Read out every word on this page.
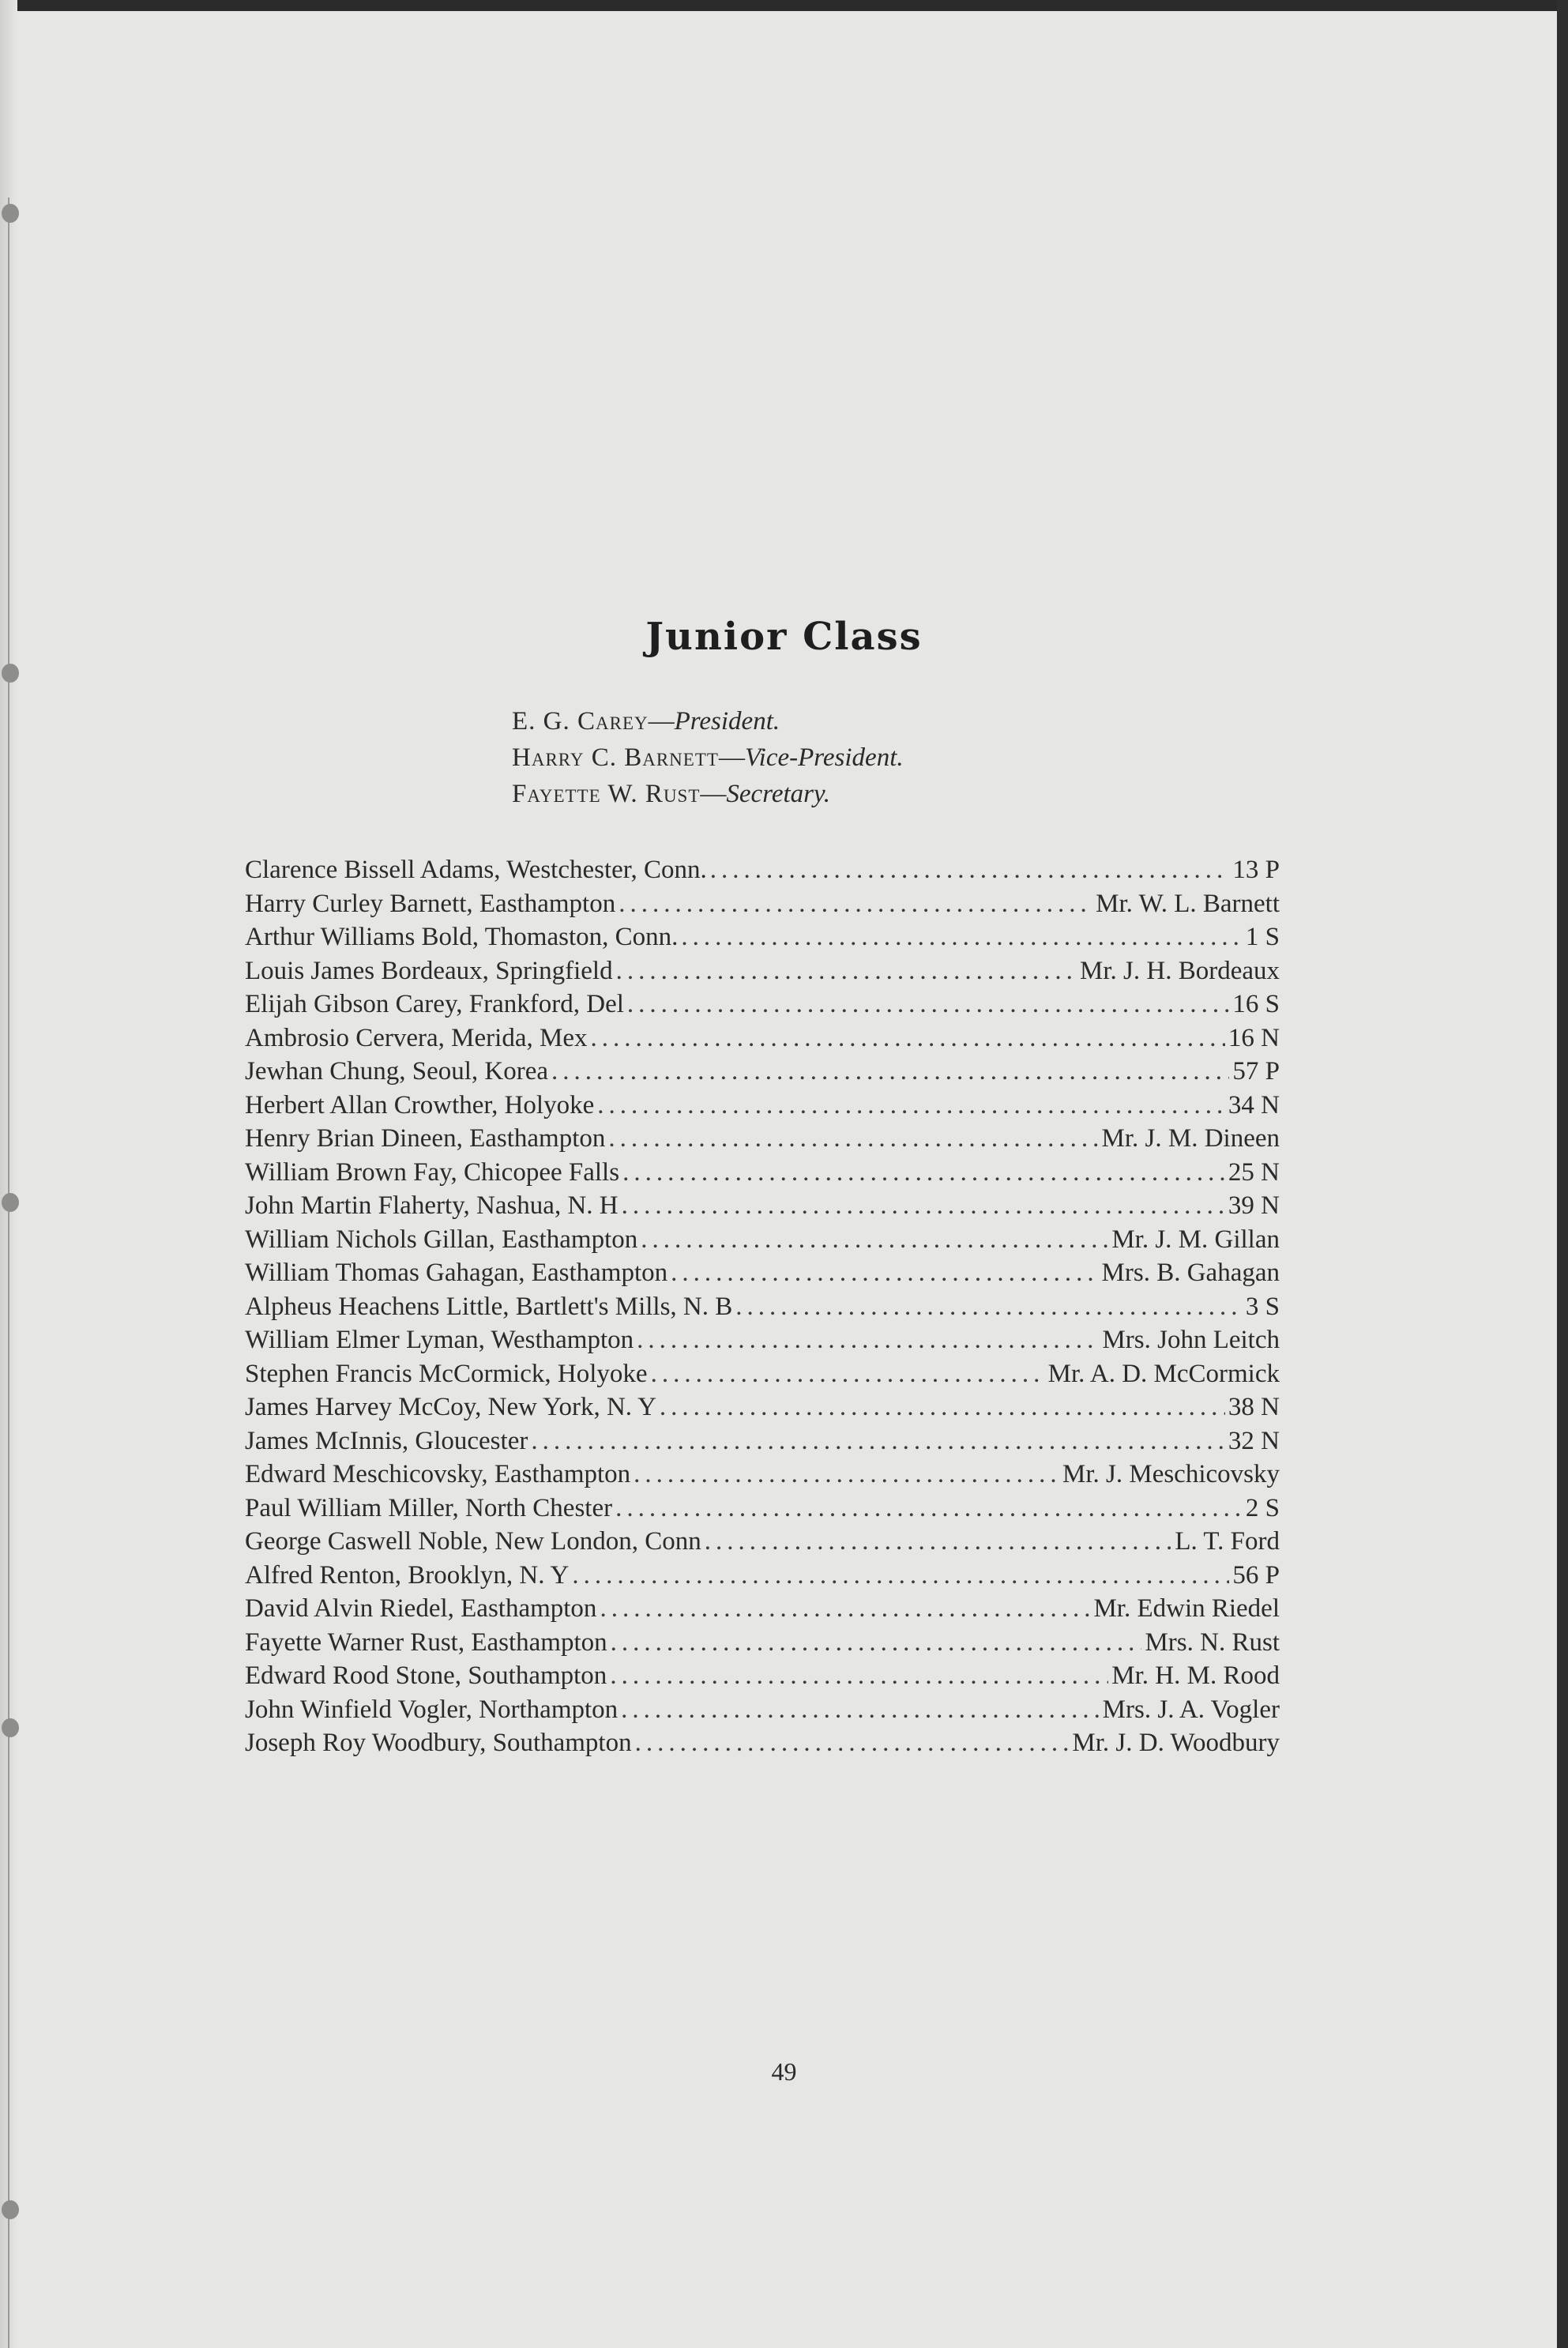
Junior Class
E. G. Carey—President.
Harry C. Barnett—Vice-President.
Fayette W. Rust—Secretary.
Clarence Bissell Adams, Westchester, Conn. .....	13 P
Harry Curley Barnett, Easthampton .....	Mr. W. L. Barnett
Arthur Williams Bold, Thomaston, Conn. .....	1 S
Louis James Bordeaux, Springfield .....	Mr. J. H. Bordeaux
Elijah Gibson Carey, Frankford, Del .....	16 S
Ambrosio Cervera, Merida, Mex .....	16 N
Jewhan Chung, Seoul, Korea .....	57 P
Herbert Allan Crowther, Holyoke .....	34 N
Henry Brian Dineen, Easthampton .....	Mr. J. M. Dineen
William Brown Fay, Chicopee Falls .....	25 N
John Martin Flaherty, Nashua, N. H .....	39 N
William Nichols Gillan, Easthampton .....	Mr. J. M. Gillan
William Thomas Gahagan, Easthampton .....	Mrs. B. Gahagan
Alpheus Heachens Little, Bartlett's Mills, N. B .....	3 S
William Elmer Lyman, Westhampton .....	Mrs. John Leitch
Stephen Francis McCormick, Holyoke .....	Mr. A. D. McCormick
James Harvey McCoy, New York, N. Y .....	38 N
James McInnis, Gloucester .....	32 N
Edward Meschicovsky, Easthampton .....	Mr. J. Meschicovsky
Paul William Miller, North Chester .....	2 S
George Caswell Noble, New London, Conn .....	L. T. Ford
Alfred Renton, Brooklyn, N. Y .....	56 P
David Alvin Riedel, Easthampton .....	Mr. Edwin Riedel
Fayette Warner Rust, Easthampton .....	Mrs. N. Rust
Edward Rood Stone, Southampton .....	Mr. H. M. Rood
John Winfield Vogler, Northampton .....	Mrs. J. A. Vogler
Joseph Roy Woodbury, Southampton .....	Mr. J. D. Woodbury
49
